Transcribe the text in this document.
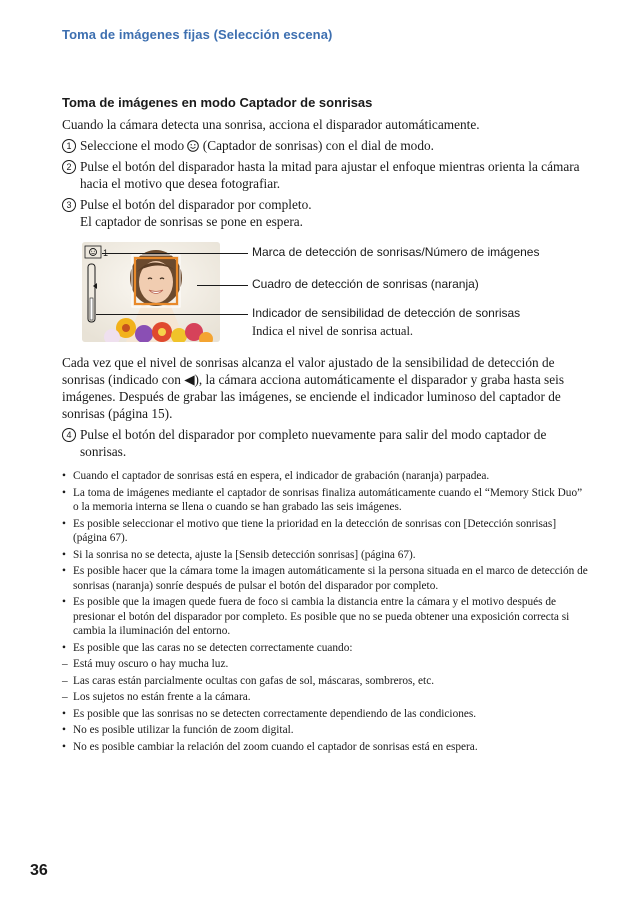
Toma de imágenes fijas (Selección escena)
Toma de imágenes en modo Captador de sonrisas

Cuando la cámara detecta una sonrisa, acciona el disparador automáticamente.

1 Seleccione el modo  (Captador de sonrisas) con el dial de modo.
2 Pulse el botón del disparador hasta la mitad para ajustar el enfoque mientras orienta la cámara hacia el motivo que desea fotografiar.
3 Pulse el botón del disparador por completo.
El captador de sonrisas se pone en espera.
1	Marca de detección de sonrisas/Número de imágenes
Cuadro de detección de sonrisas (naranja)
Indicador de sensibilidad de detección de sonrisas
Indica el nivel de sonrisa actual.

Cada vez que el nivel de sonrisas alcanza el valor ajustado de la sensibilidad de detección de sonrisas (indicado con ◀), la cámara acciona automáticamente el disparador y graba hasta seis imágenes. Después de grabar las imágenes, se enciende el indicador luminoso del captador de sonrisas (página 15).

4 Pulse el botón del disparador por completo nuevamente para salir del modo captador de sonrisas.
• Cuando el captador de sonrisas está en espera, el indicador de grabación (naranja) parpadea.
• La toma de imágenes mediante el captador de sonrisas finaliza automáticamente cuando el “Memory Stick Duo” o la memoria interna se llena o cuando se han grabado las seis imágenes.
• Es posible seleccionar el motivo que tiene la prioridad en la detección de sonrisas con [Detección sonrisas] (página 67).
• Si la sonrisa no se detecta, ajuste la [Sensib detección sonrisas] (página 67).
• Es posible hacer que la cámara tome la imagen automáticamente si la persona situada en el marco de detección de sonrisas (naranja) sonríe después de pulsar el botón del disparador por completo.
• Es posible que la imagen quede fuera de foco si cambia la distancia entre la cámara y el motivo después de presionar el botón del disparador por completo. Es posible que no se pueda obtener una exposición correcta si cambia la iluminación del entorno.
• Es posible que las caras no se detecten correctamente cuando:
– Está muy oscuro o hay mucha luz.
– Las caras están parcialmente ocultas con gafas de sol, máscaras, sombreros, etc.
– Los sujetos no están frente a la cámara.
• Es posible que las sonrisas no se detecten correctamente dependiendo de las condiciones.
• No es posible utilizar la función de zoom digital.
• No es posible cambiar la relación del zoom cuando el captador de sonrisas está en espera.
36
